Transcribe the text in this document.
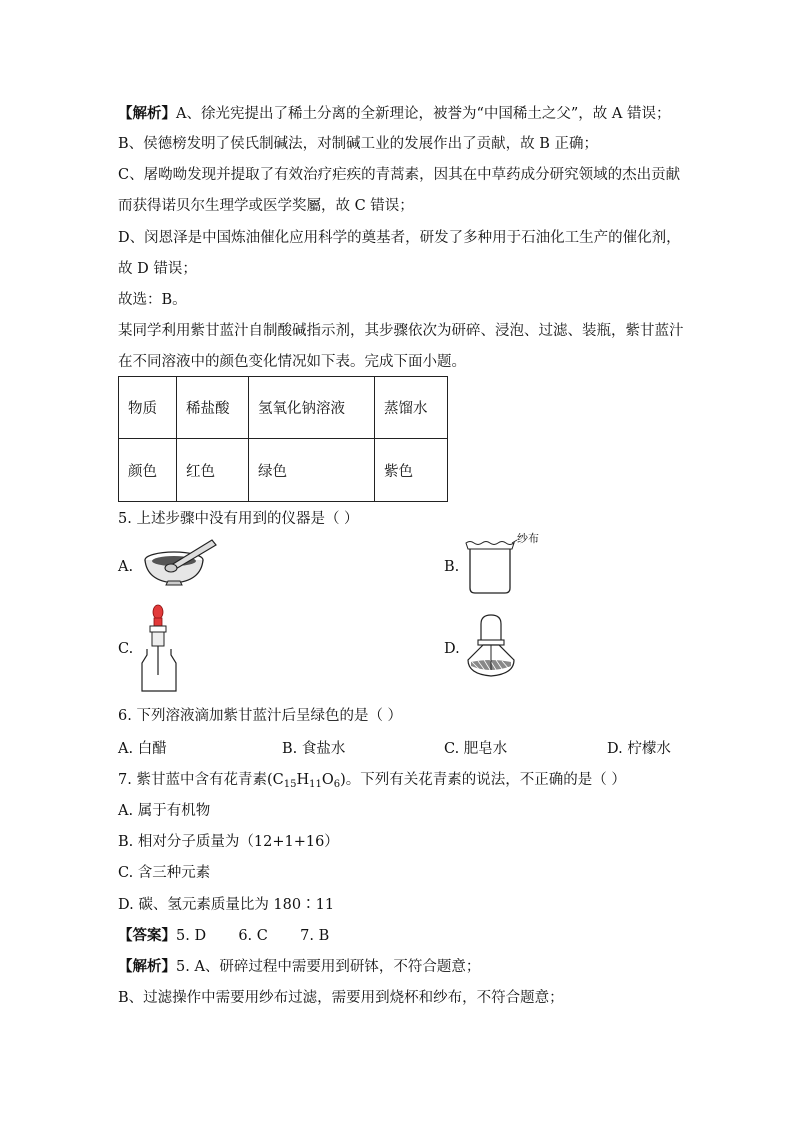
【解析】A、徐光宪提出了稀土分离的全新理论，被誉为“中国稀土之父”，故 A 错误；
B、侯德榜发明了侯氏制碱法，对制碱工业的发展作出了贡献，故 B 正确；
C、屠呦呦发现并提取了有效治疗疟疾的青蒿素，因其在中草药成分研究领域的杰出贡献
而获得诺贝尔生理学或医学奖屬，故 C 错误；
D、闵恩泽是中国炼油催化应用科学的奠基者，研发了多种用于石油化工生产的催化剂，
故 D 错误；
故选：B。
某同学利用紫甘蓝汁自制酸碱指示剂，其步骤依次为研碎、浸泡、过滤、装瓶，紫甘蓝汁
在不同溶液中的颜色变化情况如下表。完成下面小题。
物质	稀盐酸	氢氧化钠溶液	蒸馏水
颜色	红色	绿色	紫色
5. 上述步骤中没有用到的仪器是（ ）
A.	B.
纱布
C.	D.
6. 下列溶液滴加紫甘蓝汁后呈绿色的是（ ）
A. 白醋	B. 食盐水	C. 肥皂水	D. 柠檬水
7. 紫甘蓝中含有花青素$(C_{15}H_{11}O_6)$。下列有关花青素的说法，不正确的是（ ）
A. 属于有机物
B. 相对分子质量为（12+1+16）
C. 含三种元素
D. 碳、氢元素质量比为 180∶11
【答案】5. D       6. C       7. B
【解析】5. A、研碎过程中需要用到研钵，不符合题意；
B、过滤操作中需要用纱布过滤，需要用到烧杯和纱布，不符合题意；
